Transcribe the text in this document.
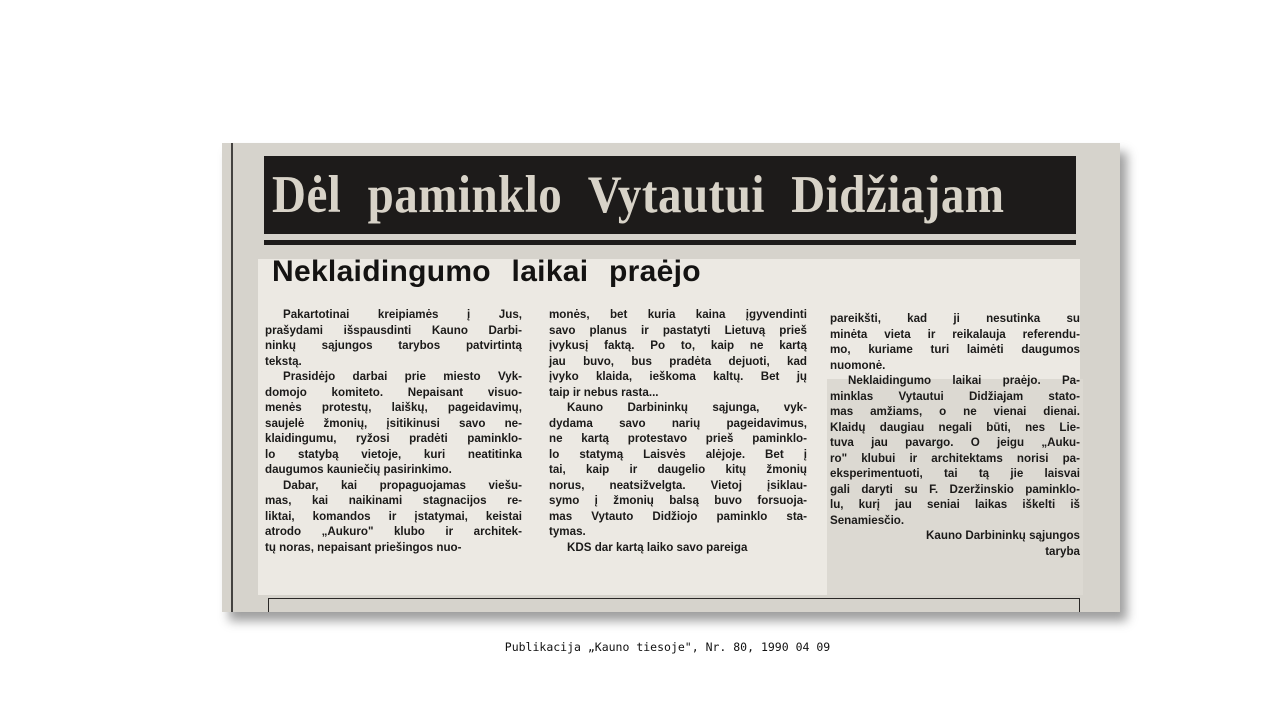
Dėl paminklo Vytautui Didžiajam
Neklaidingumo laikai praėjo
Pakartotinai kreipiamės į Jus,
prašydami išspausdinti Kauno Darbi-
ninkų sąjungos tarybos patvirtintą
tekstą.
Prasidėjo darbai prie miesto Vyk-
domojo komiteto. Nepaisant visuo-
menės protestų, laiškų, pageidavimų,
saujelė žmonių, įsitikinusi savo ne-
klaidingumu, ryžosi pradėti paminklo-
lo statybą vietoje, kuri neatitinka
daugumos kauniečių pasirinkimo.
Dabar, kai propaguojamas viešu-
mas, kai naikinami stagnacijos re-
liktai, komandos ir įstatymai, keistai
atrodo „Aukuro" klubo ir architek-
tų noras, nepaisant priešingos nuo-
monės, bet kuria kaina įgyvendinti
savo planus ir pastatyti Lietuvą prieš
įvykusį faktą. Po to, kaip ne kartą
jau buvo, bus pradėta dejuoti, kad
įvyko klaida, ieškoma kaltų. Bet jų
taip ir nebus rasta...
Kauno Darbininkų sąjunga, vyk-
dydama savo narių pageidavimus,
ne kartą protestavo prieš paminklo-
lo statymą Laisvės alėjoje. Bet į
tai, kaip ir daugelio kitų žmonių
norus, neatsižvelgta. Vietoj įsiklau-
symo į žmonių balsą buvo forsuoja-
mas Vytauto Didžiojo paminklo sta-
tymas.
KDS dar kartą laiko savo pareiga
pareikšti, kad ji nesutinka su
minėta vieta ir reikalauja referendu-
mo, kuriame turi laimėti daugumos
nuomonė.
Neklaidingumo laikai praėjo. Pa-
minklas Vytautui Didžiajam stato-
mas amžiams, o ne vienai dienai.
Klaidų daugiau negali būti, nes Lie-
tuva jau pavargo. O jeigu „Auku-
ro" klubui ir architektams norisi pa-
eksperimentuoti, tai tą jie laisvai
gali daryti su F. Dzeržinskio paminklo-
lu, kurį jau seniai laikas iškelti iš
Senamiesčio.
Kauno Darbininkų sąjungos
taryba
Publikacija „Kauno tiesoje", Nr. 80, 1990 04 09
